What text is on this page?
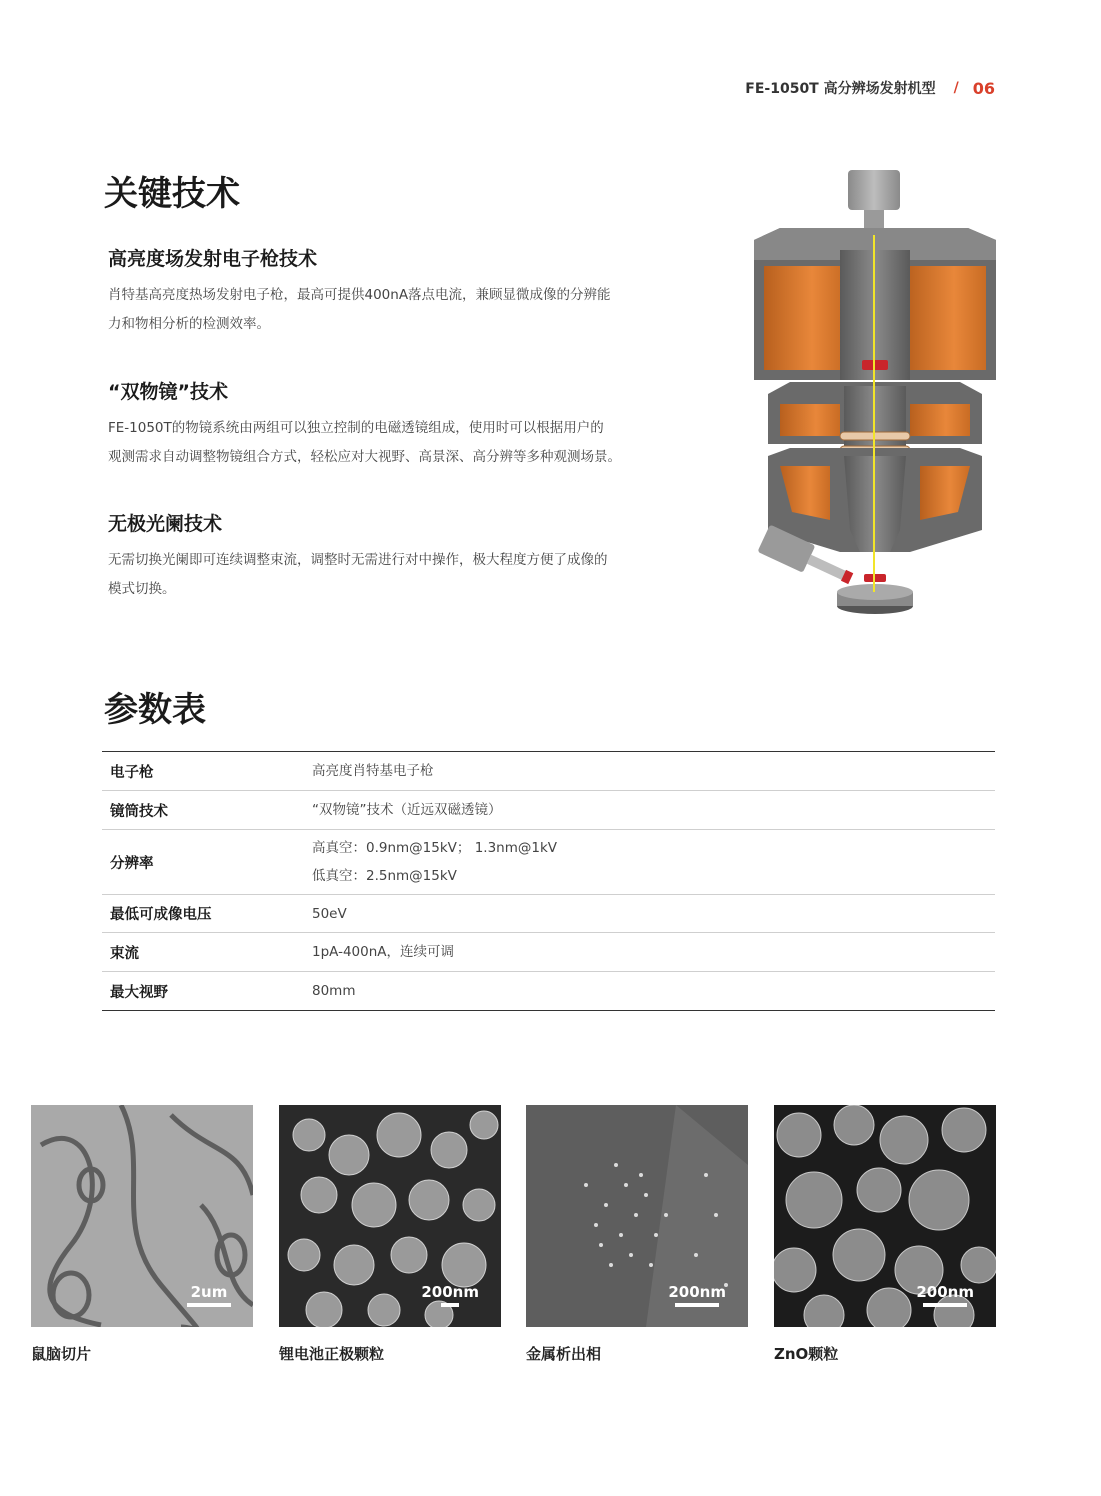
FE-1050T 高分辨场发射机型 / 06
关键技术
高亮度场发射电子枪技术

肖特基高亮度热场发射电子枪，最高可提供400nA落点电流，兼顾显微成像的分辨能

力和物相分析的检测效率。

“双物镜”技术

FE-1050T的物镜系统由两组可以独立控制的电磁透镜组成，使用时可以根据用户的

观测需求自动调整物镜组合方式，轻松应对大视野、高景深、高分辨等多种观测场景。

无极光阑技术

无需切换光阑即可连续调整束流，调整时无需进行对中操作，极大程度方便了成像的

模式切换。

参数表
电子枪	高亮度肖特基电子枪
镜筒技术	“双物镜”技术（近远双磁透镜）
分辨率
高真空：0.9nm@15kV； 1.3nm@1kV
低真空：2.5nm@15kV
最低可成像电压	50eV
束流	1pA-400nA，连续可调
最大视野	80mm
2um
鼠脑切片
200nm
锂电池正极颗粒
200nm
金属析出相
200nm
ZnO颗粒
